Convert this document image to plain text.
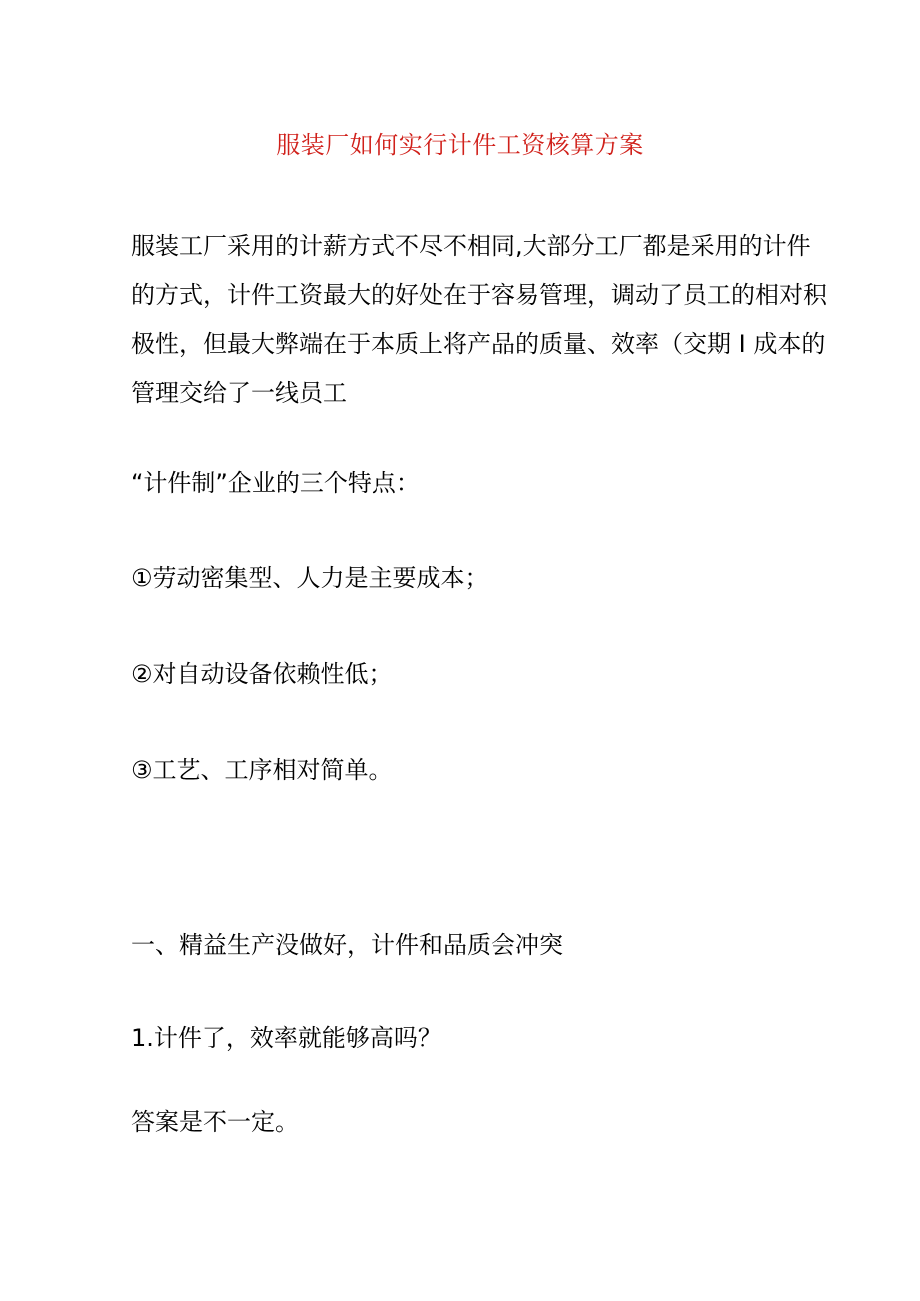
服装厂如何实行计件工资核算方案

服装工厂采用的计薪方式不尽不相同,大部分工厂都是采用的计件
的方式，计件工资最大的好处在于容易管理，调动了员工的相对积
极性，但最大弊端在于本质上将产品的质量、效率（交期 I 成本的
管理交给了一线员工

“计件制”企业的三个特点：

①劳动密集型、人力是主要成本；

②对自动设备依赖性低；

③工艺、工序相对简单。

一、精益生产没做好，计件和品质会冲突

1.计件了，效率就能够高吗？

答案是不一定。
